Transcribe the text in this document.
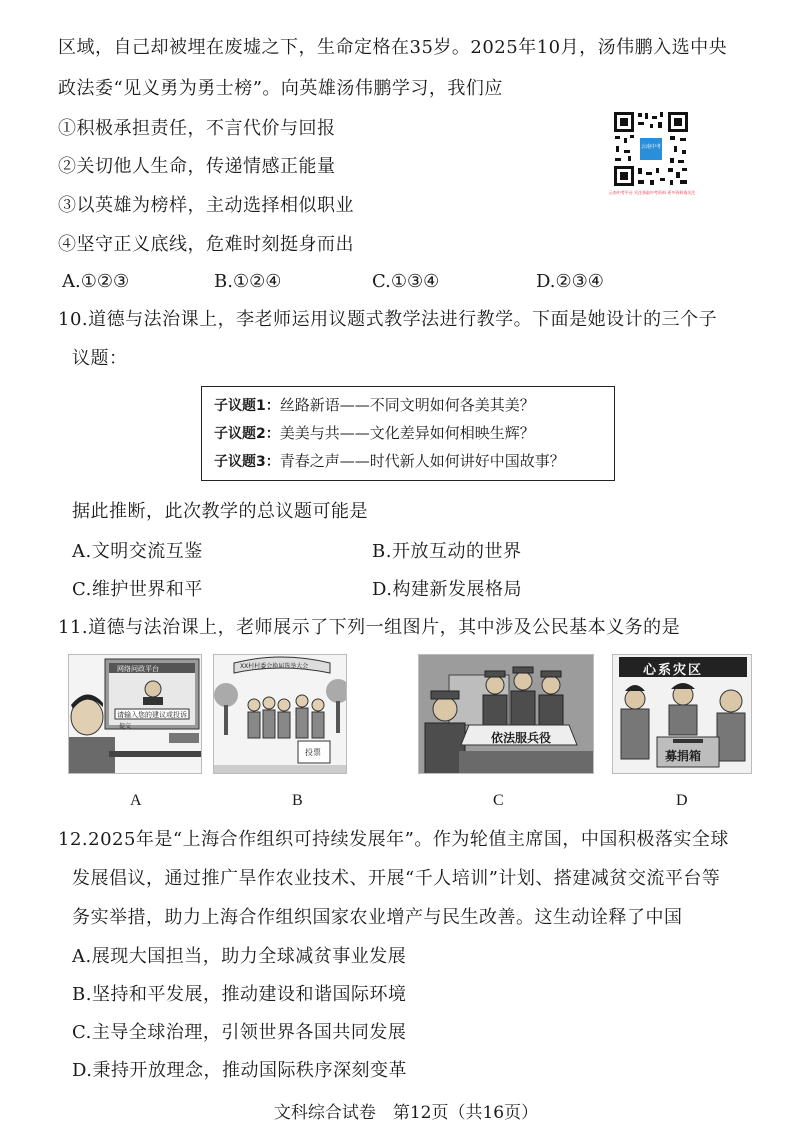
区域，自己却被埋在废墟之下，生命定格在35岁。2025年10月，汤伟鹏入选中央
政法委“见义勇为勇士榜”。向英雄汤伟鹏学习，我们应
①积极承担责任，不言代价与回报
②关切他人生命，传递情感正能量
③以英雄为榜样，主动选择相似职业
④坚守正义底线，危难时刻挺身而出
A.①②③	B.①②④	C.①③④	D.②③④
云南中考
云南中考平台 关注获取中考资料 更多资料请关注
10.道德与法治课上，李老师运用议题式教学法进行教学。下面是她设计的三个子
议题：
子议题1：丝路新语——不同文明如何各美其美？
子议题2：美美与共——文化差异如何相映生辉？
子议题3：青春之声——时代新人如何讲好中国故事？
据此推断，此次教学的总议题可能是
A.文明交流互鉴	B.开放互动的世界
C.维护世界和平	D.构建新发展格局
11.道德与法治课上，老师展示了下列一组图片，其中涉及公民基本义务的是
网络问政平台
请输入您的建议或投诉
提交
A
XX村村委会换届选举大会
投票
B
依法服兵役
C
心系灾区
募捐箱
D
12.2025年是“上海合作组织可持续发展年”。作为轮值主席国，中国积极落实全球
发展倡议，通过推广旱作农业技术、开展“千人培训”计划、搭建减贫交流平台等
务实举措，助力上海合作组织国家农业增产与民生改善。这生动诠释了中国
A.展现大国担当，助力全球减贫事业发展
B.坚持和平发展，推动建设和谐国际环境
C.主导全球治理，引领世界各国共同发展
D.秉持开放理念，推动国际秩序深刻变革
文科综合试卷　第12页（共16页）
